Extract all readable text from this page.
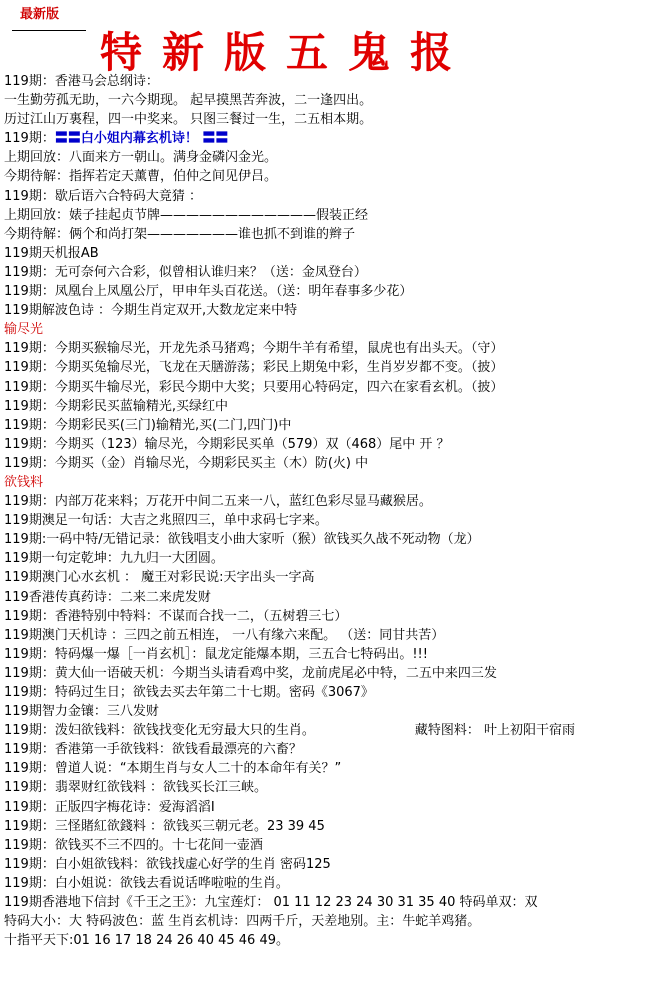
最新版
特新版五鬼报
119期：香港马会总纲诗：
一生勤劳孤无助，一六今期现。 起早摸黑苦奔波，二一逢四出。
历过江山万裏程，四一中奖来。 只图三餐过一生，二五相本期。
119期：〓〓白小姐内幕玄机诗！ 〓〓
上期回放：八面来方一朝山。满身金磷闪金光。
今期待解：指挥若定天薰曹，伯仲之间见伊吕。
119期：歇后语六合特码大竟猜 ：
上期回放：婊子挂起贞节牌————————————假装正经
今期待解：俩个和尚打架———————谁也抓不到谁的辫子
119期天机报AB
119期：无可奈何六合彩，似曾相认谁归来？（送：金凤登台）
119期：凤凰台上凤凰公厅，甲申年头百花送。（送：明年春事多少花）
119期解波色诗 ：今期生肖定双开,大数龙定来中特
输尽光
119期：今期买猴输尽光，开龙先杀马猪鸡；今期牛羊有希望，鼠虎也有出头天。（守）
119期：今期买兔输尽光，飞龙在天膳游荡；彩民上期兔中彩，生肖岁岁都不变。（披）
119期：今期买牛输尽光，彩民今期中大奖；只要用心特码定，四六在家看玄机。（披）
119期：今期彩民买蓝输精光,买绿红中
119期：今期彩民买(三门)输精光,买(二门,四门)中
119期：今期买（123）输尽光，今期彩民买单（579）双（468）尾中 开 ？
119期：今期买（金）肖输尽光，今期彩民买主（木）防(火) 中
欲钱料
119期：内部万花来料；万花开中间二五来一八，蓝红色彩尽显马藏猴居。
119期澳足一句话：大吉之兆照四三，单中求码七字来。
119期:一码中特/无错记录：欲钱唱支小曲大家听（猴）欲钱买久战不死动物（龙）
119期一句定乾坤：九九归一大团圆。
119期澳门心水玄机 ： 魔王对彩民说:天字出头一字高
119香港传真药诗：二来二来虎发财
119期：香港特别中特料：不谋而合找一二，（五树碧三七）
119期澳门天机诗 ：三四之前五相连， 一八有缘六来配。 （送：同甘共苦）
119期：特码爆一爆［一肖玄机］：鼠龙定能爆本期，三五合七特码出。!!!
119期：黄大仙一语破天机：今期当头请看鸡中奖，龙前虎尾必中特，二五中来四三发
119期：特码过生日；欲钱去买去年第二十七期。密码《3067》
119期智力金镶：三八发财
119期：泼妇欲钱料：欲钱找变化无穷最大只的生肖。	藏特图料： 叶上初阳干宿雨
119期：香港第一手欲钱料：欲钱看最漂亮的六畜？
119期：曾道人说：“本期生肖与女人二十的本命年有关？”
119期：翡翠财红欲钱料 ：欲钱买长江三峡。
119期：正版四字梅花诗：爱海滔滔I
119期：三怪賭紅欲錢料 ：欲钱买三朝元老。23 39 45
119期：欲钱买不三不四的。十七花间一壶酒
119期：白小姐欲钱料：欲钱找虚心好学的生肖 密码125
119期：白小姐说：欲钱去看说话哗啦啦的生肖。
119期香港地下信封《千王之王》：九宝莲灯： 01 11 12 23 24 30 31 35 40 特码单双：双
特码大小：大 特码波色：蓝 生肖玄机诗：四两千斤，天差地别。主：牛蛇羊鸡猪。
十指平天下:01 16 17 18 24 26 40 45 46 49。
